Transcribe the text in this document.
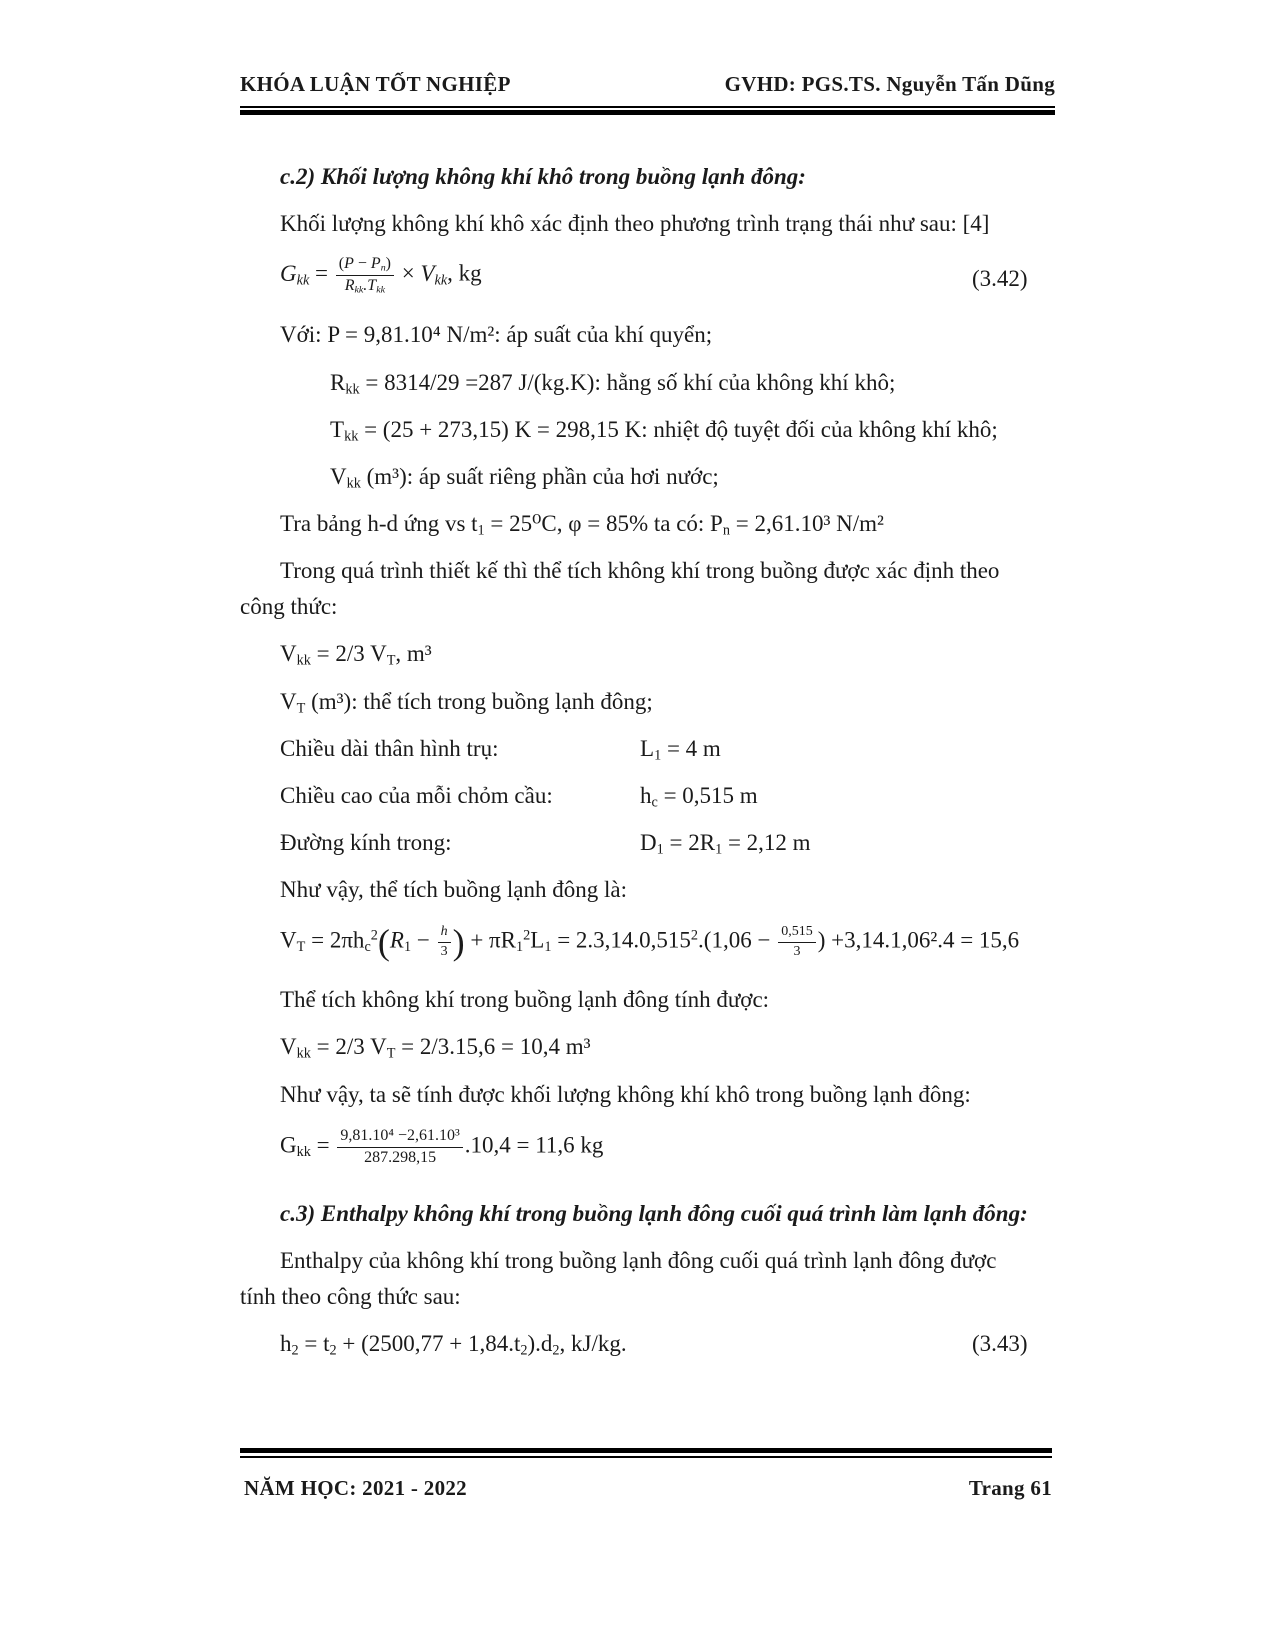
KHÓA LUẬN TỐT NGHIỆP	GVHD: PGS.TS. Nguyễn Tấn Dũng
c.2) Khối lượng không khí khô trong buồng lạnh đông:
Khối lượng không khí khô xác định theo phương trình trạng thái như sau: [4]
$G_{kk} = \frac{(P - P_n)}{R_{kk}.T_{kk}} \times V_{kk}$, kg	(3.42)
Với: P = 9,81.10⁴ N/m²: áp suất của khí quyển;
$R_{kk} = 8314/29 =287$ J/(kg.K): hằng số khí của không khí khô;
$T_{kk} = (25 + 273,15) K = 298,15$ K: nhiệt độ tuyệt đối của không khí khô;
$V_{kk}$ (m³): áp suất riêng phần của hơi nước;
Tra bảng h-d ứng vs $t_1 = 25^0C$, φ = 85% ta có: $P_n = 2,61.10^3$ N/m²
Trong quá trình thiết kế thì thể tích không khí trong buồng được xác định theo
công thức:
$V_{kk} = 2/3$ $V_T$, m³
$V_T$ (m³): thể tích trong buồng lạnh đông;
Chiều dài thân hình trụ:	$L_1 = 4$ m
Chiều cao của mỗi chỏm cầu:	$h_c = 0,515$ m
Đường kính trong:	$D_1 = 2R_1 = 2,12$ m
Như vậy, thể tích buồng lạnh đông là:
$V_T = 2\pi h_c^2(R_1 - \frac{h}{3}$ ) + $\pi R_1^2L_1 = 2.3,14.0,515^2.(1,06 - \frac{0,515}{3}$ ) +3,14.1,06².4 = 15,6
Thể tích không khí trong buồng lạnh đông tính được:
$V_{kk} = 2/3$ $V_T = 2/3.15,6 = 10,4$ m³
Như vậy, ta sẽ tính được khối lượng không khí khô trong buồng lạnh đông:
$G_{kk} = \frac{\text{9,81.10⁴ −2,61.10³}}{287.298,15} .10,4 = 11,6$ kg
c.3) Enthalpy không khí trong buồng lạnh đông cuối quá trình làm lạnh đông:
Enthalpy của không khí trong buồng lạnh đông cuối quá trình lạnh đông được
tính theo công thức sau:
$h_2 = t_2 + (2500,77 + 1,84.t_2).d_2$, kJ/kg.	(3.43)
NĂM HỌC: 2021 - 2022	Trang 61
